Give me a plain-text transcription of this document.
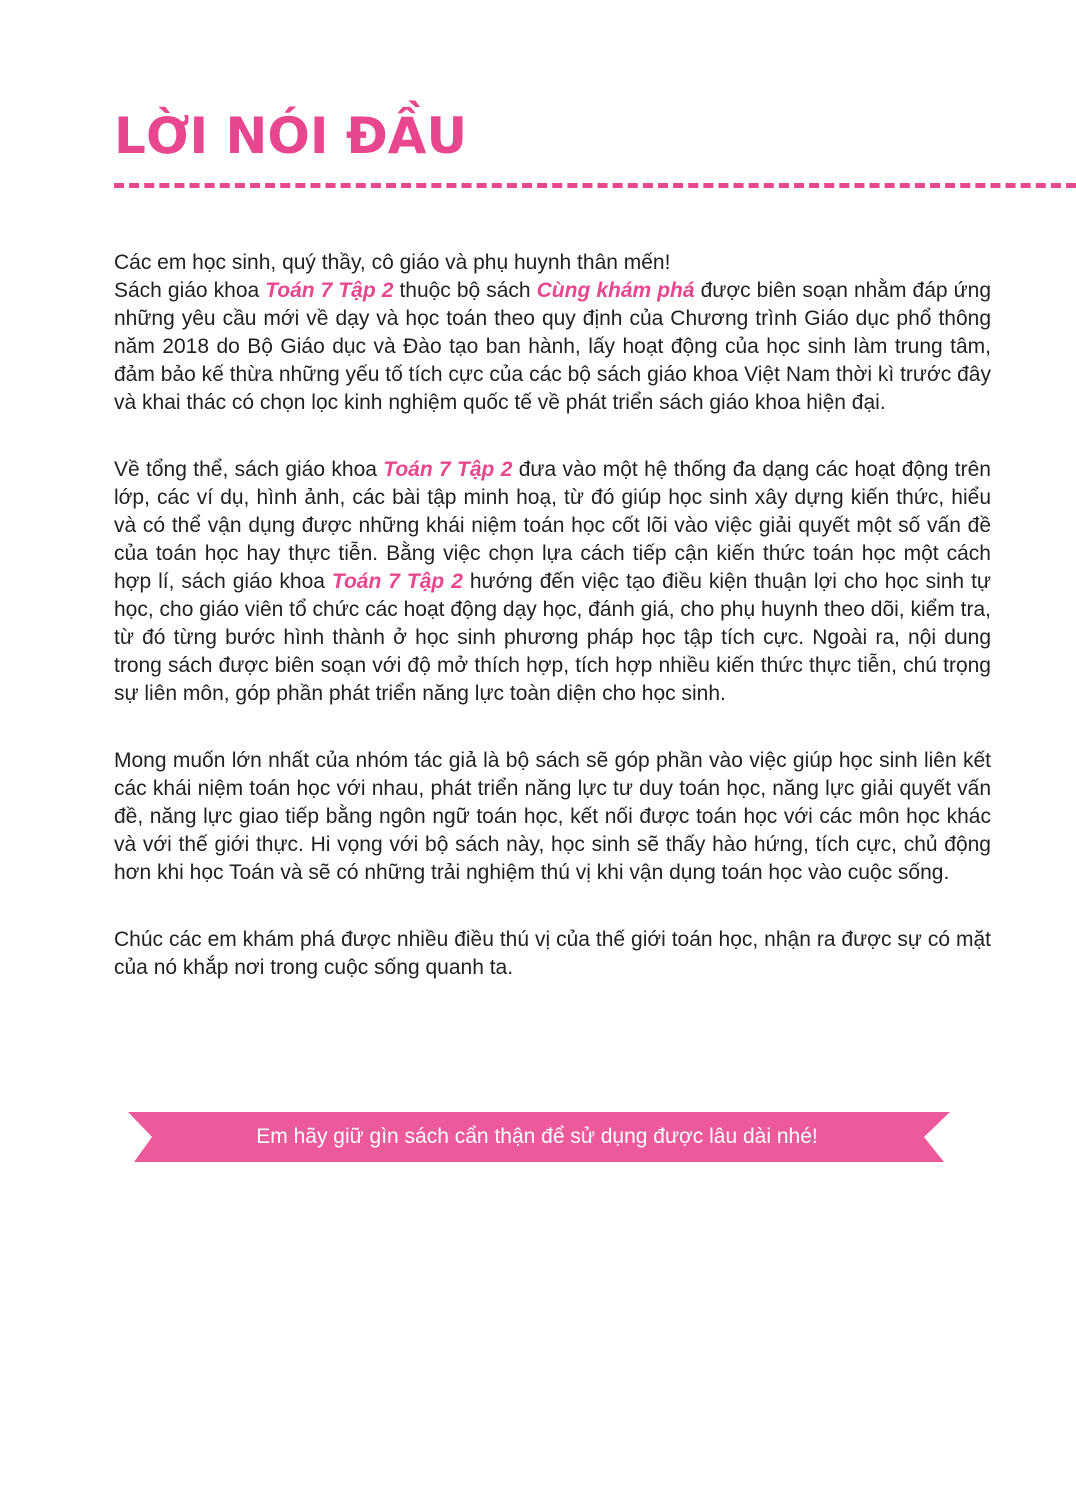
LỜI NÓI ĐẦU

Các em học sinh, quý thầy, cô giáo và phụ huynh thân mến!

Sách giáo khoa Toán 7 Tập 2 thuộc bộ sách Cùng khám phá được biên soạn nhằm đáp ứng những yêu cầu mới về dạy và học toán theo quy định của Chương trình Giáo dục phổ thông năm 2018 do Bộ Giáo dục và Đào tạo ban hành, lấy hoạt động của học sinh làm trung tâm, đảm bảo kế thừa những yếu tố tích cực của các bộ sách giáo khoa Việt Nam thời kì trước đây và khai thác có chọn lọc kinh nghiệm quốc tế về phát triển sách giáo khoa hiện đại.

Về tổng thể, sách giáo khoa Toán 7 Tập 2 đưa vào một hệ thống đa dạng các hoạt động trên lớp, các ví dụ, hình ảnh, các bài tập minh hoạ, từ đó giúp học sinh xây dựng kiến thức, hiểu và có thể vận dụng được những khái niệm toán học cốt lõi vào việc giải quyết một số vấn đề của toán học hay thực tiễn. Bằng việc chọn lựa cách tiếp cận kiến thức toán học một cách hợp lí, sách giáo khoa Toán 7 Tập 2 hướng đến việc tạo điều kiện thuận lợi cho học sinh tự học, cho giáo viên tổ chức các hoạt động dạy học, đánh giá, cho phụ huynh theo dõi, kiểm tra, từ đó từng bước hình thành ở học sinh phương pháp học tập tích cực. Ngoài ra, nội dung trong sách được biên soạn với độ mở thích hợp, tích hợp nhiều kiến thức thực tiễn, chú trọng sự liên môn, góp phần phát triển năng lực toàn diện cho học sinh.

Mong muốn lớn nhất của nhóm tác giả là bộ sách sẽ góp phần vào việc giúp học sinh liên kết các khái niệm toán học với nhau, phát triển năng lực tư duy toán học, năng lực giải quyết vấn đề, năng lực giao tiếp bằng ngôn ngữ toán học, kết nối được toán học với các môn học khác và với thế giới thực. Hi vọng với bộ sách này, học sinh sẽ thấy hào hứng, tích cực, chủ động hơn khi học Toán và sẽ có những trải nghiệm thú vị khi vận dụng toán học vào cuộc sống.

Chúc các em khám phá được nhiều điều thú vị của thế giới toán học, nhận ra được sự có mặt của nó khắp nơi trong cuộc sống quanh ta.

Em hãy giữ gìn sách cẩn thận để sử dụng được lâu dài nhé!
